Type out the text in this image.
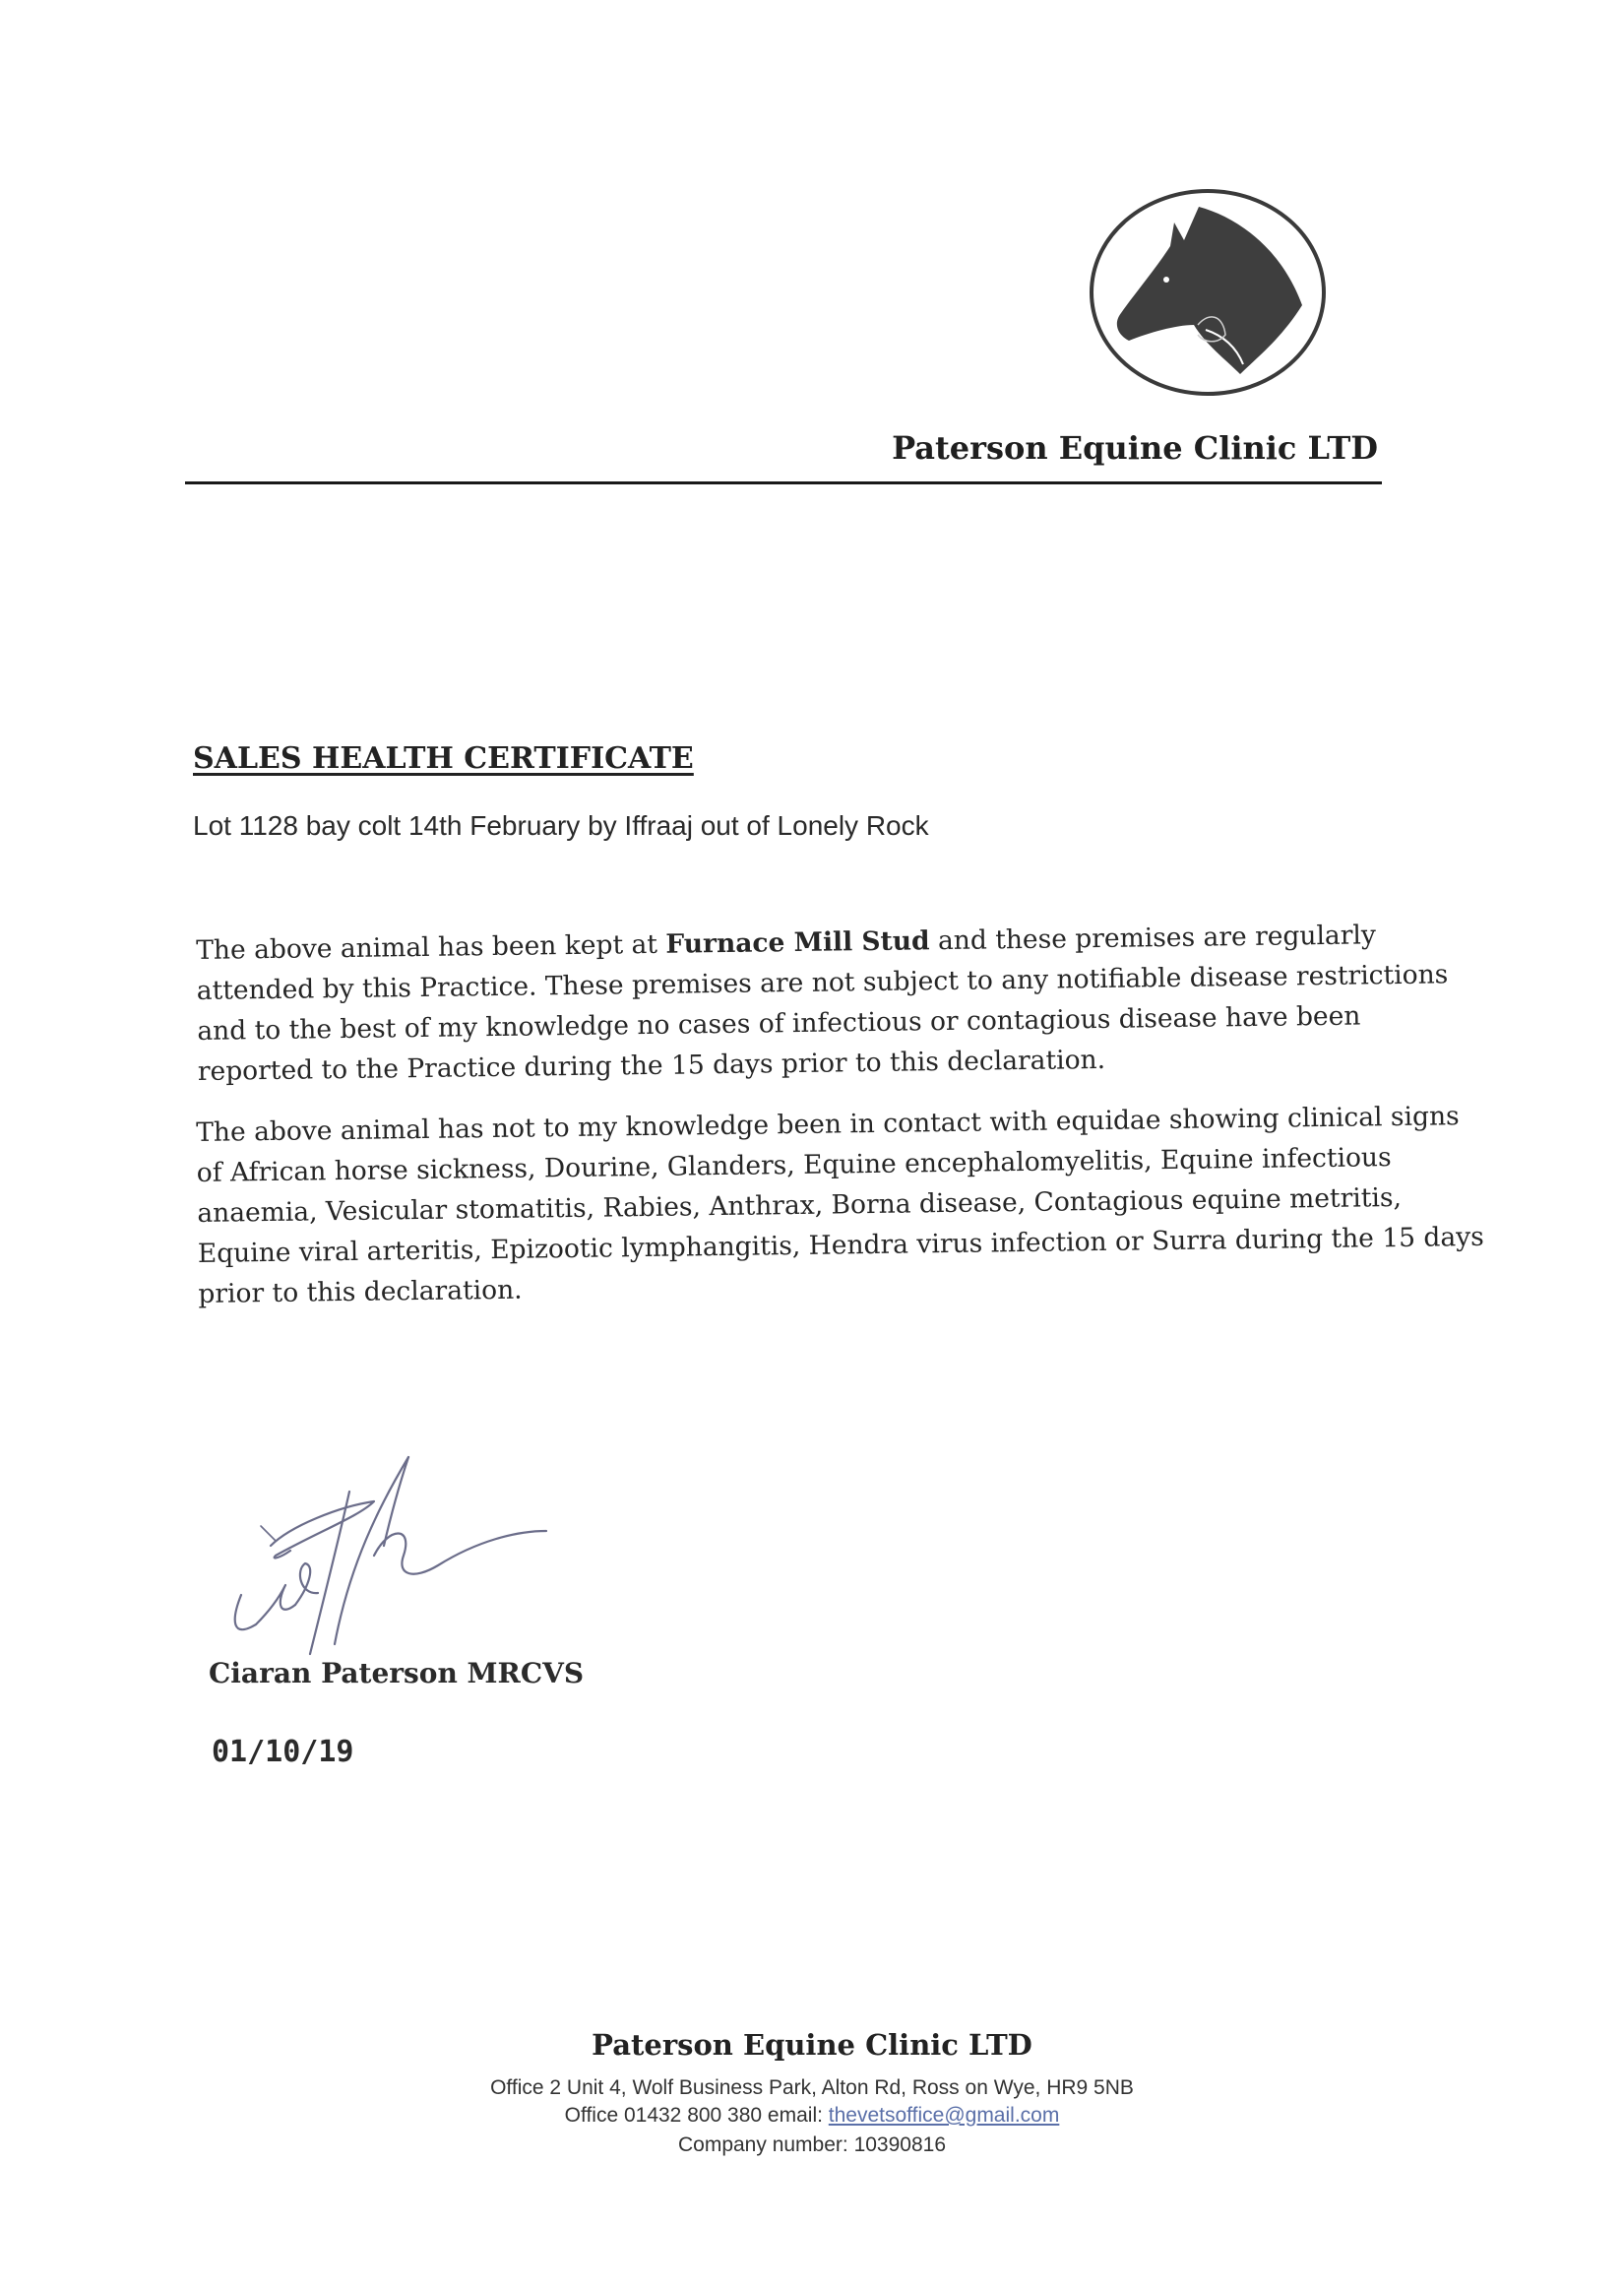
Paterson Equine Clinic LTD
SALES HEALTH CERTIFICATE
Lot 1128 bay colt 14th February by Iffraaj out of Lonely Rock
The above animal has been kept at Furnace Mill Stud and these premises are regularly
attended by this Practice. These premises are not subject to any notifiable disease restrictions
and to the best of my knowledge no cases of infectious or contagious disease have been
reported to the Practice during the 15 days prior to this declaration.
The above animal has not to my knowledge been in contact with equidae showing clinical signs
of African horse sickness, Dourine, Glanders, Equine encephalomyelitis, Equine infectious
anaemia, Vesicular stomatitis, Rabies, Anthrax, Borna disease, Contagious equine metritis,
Equine viral arteritis, Epizootic lymphangitis, Hendra virus infection or Surra during the 15 days
prior to this declaration.
Ciaran Paterson MRCVS
01/10/19
Paterson Equine Clinic LTD
Office 2 Unit 4, Wolf Business Park, Alton Rd, Ross on Wye, HR9 5NB
Office 01432 800 380 email: thevetsoffice@gmail.com
Company number: 10390816
